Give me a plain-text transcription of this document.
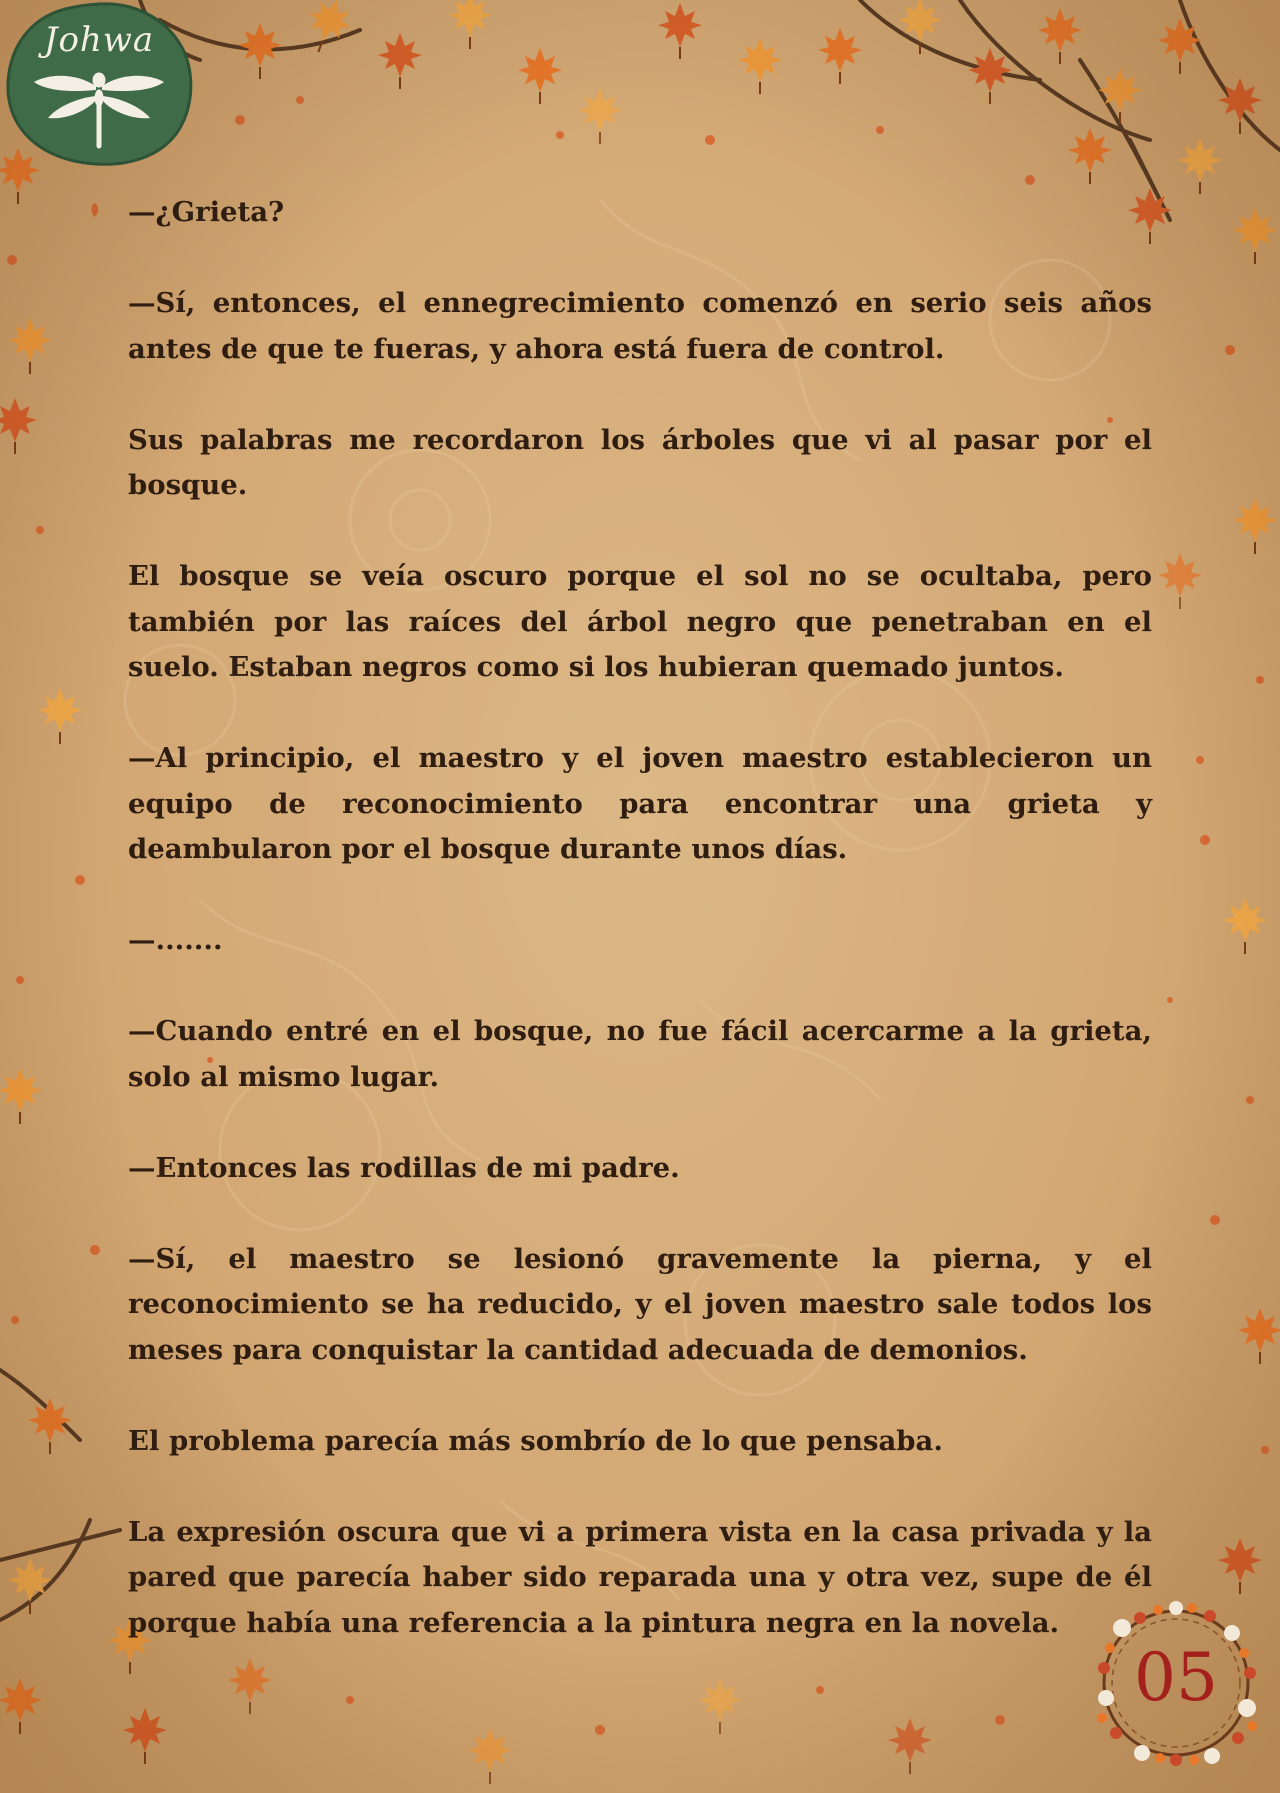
Johwa

—¿Grieta?

—Sí, entonces, el ennegrecimiento comenzó en serio seis años antes de que te fueras, y ahora está fuera de control.

Sus palabras me recordaron los árboles que vi al pasar por el bosque.

El bosque se veía oscuro porque el sol no se ocultaba, pero también por las raíces del árbol negro que penetraban en el suelo. Estaban negros como si los hubieran quemado juntos.

—Al principio, el maestro y el joven maestro establecieron un equipo de reconocimiento para encontrar una grieta y deambularon por el bosque durante unos días.

—.......

—Cuando entré en el bosque, no fue fácil acercarme a la grieta, solo al mismo lugar.

—Entonces las rodillas de mi padre.

—Sí, el maestro se lesionó gravemente la pierna, y el reconocimiento se ha reducido, y el joven maestro sale todos los meses para conquistar la cantidad adecuada de demonios.

El problema parecía más sombrío de lo que pensaba.

La expresión oscura que vi a primera vista en la casa privada y la pared que parecía haber sido reparada una y otra vez, supe de él porque había una referencia a la pintura negra en la novela.

05
